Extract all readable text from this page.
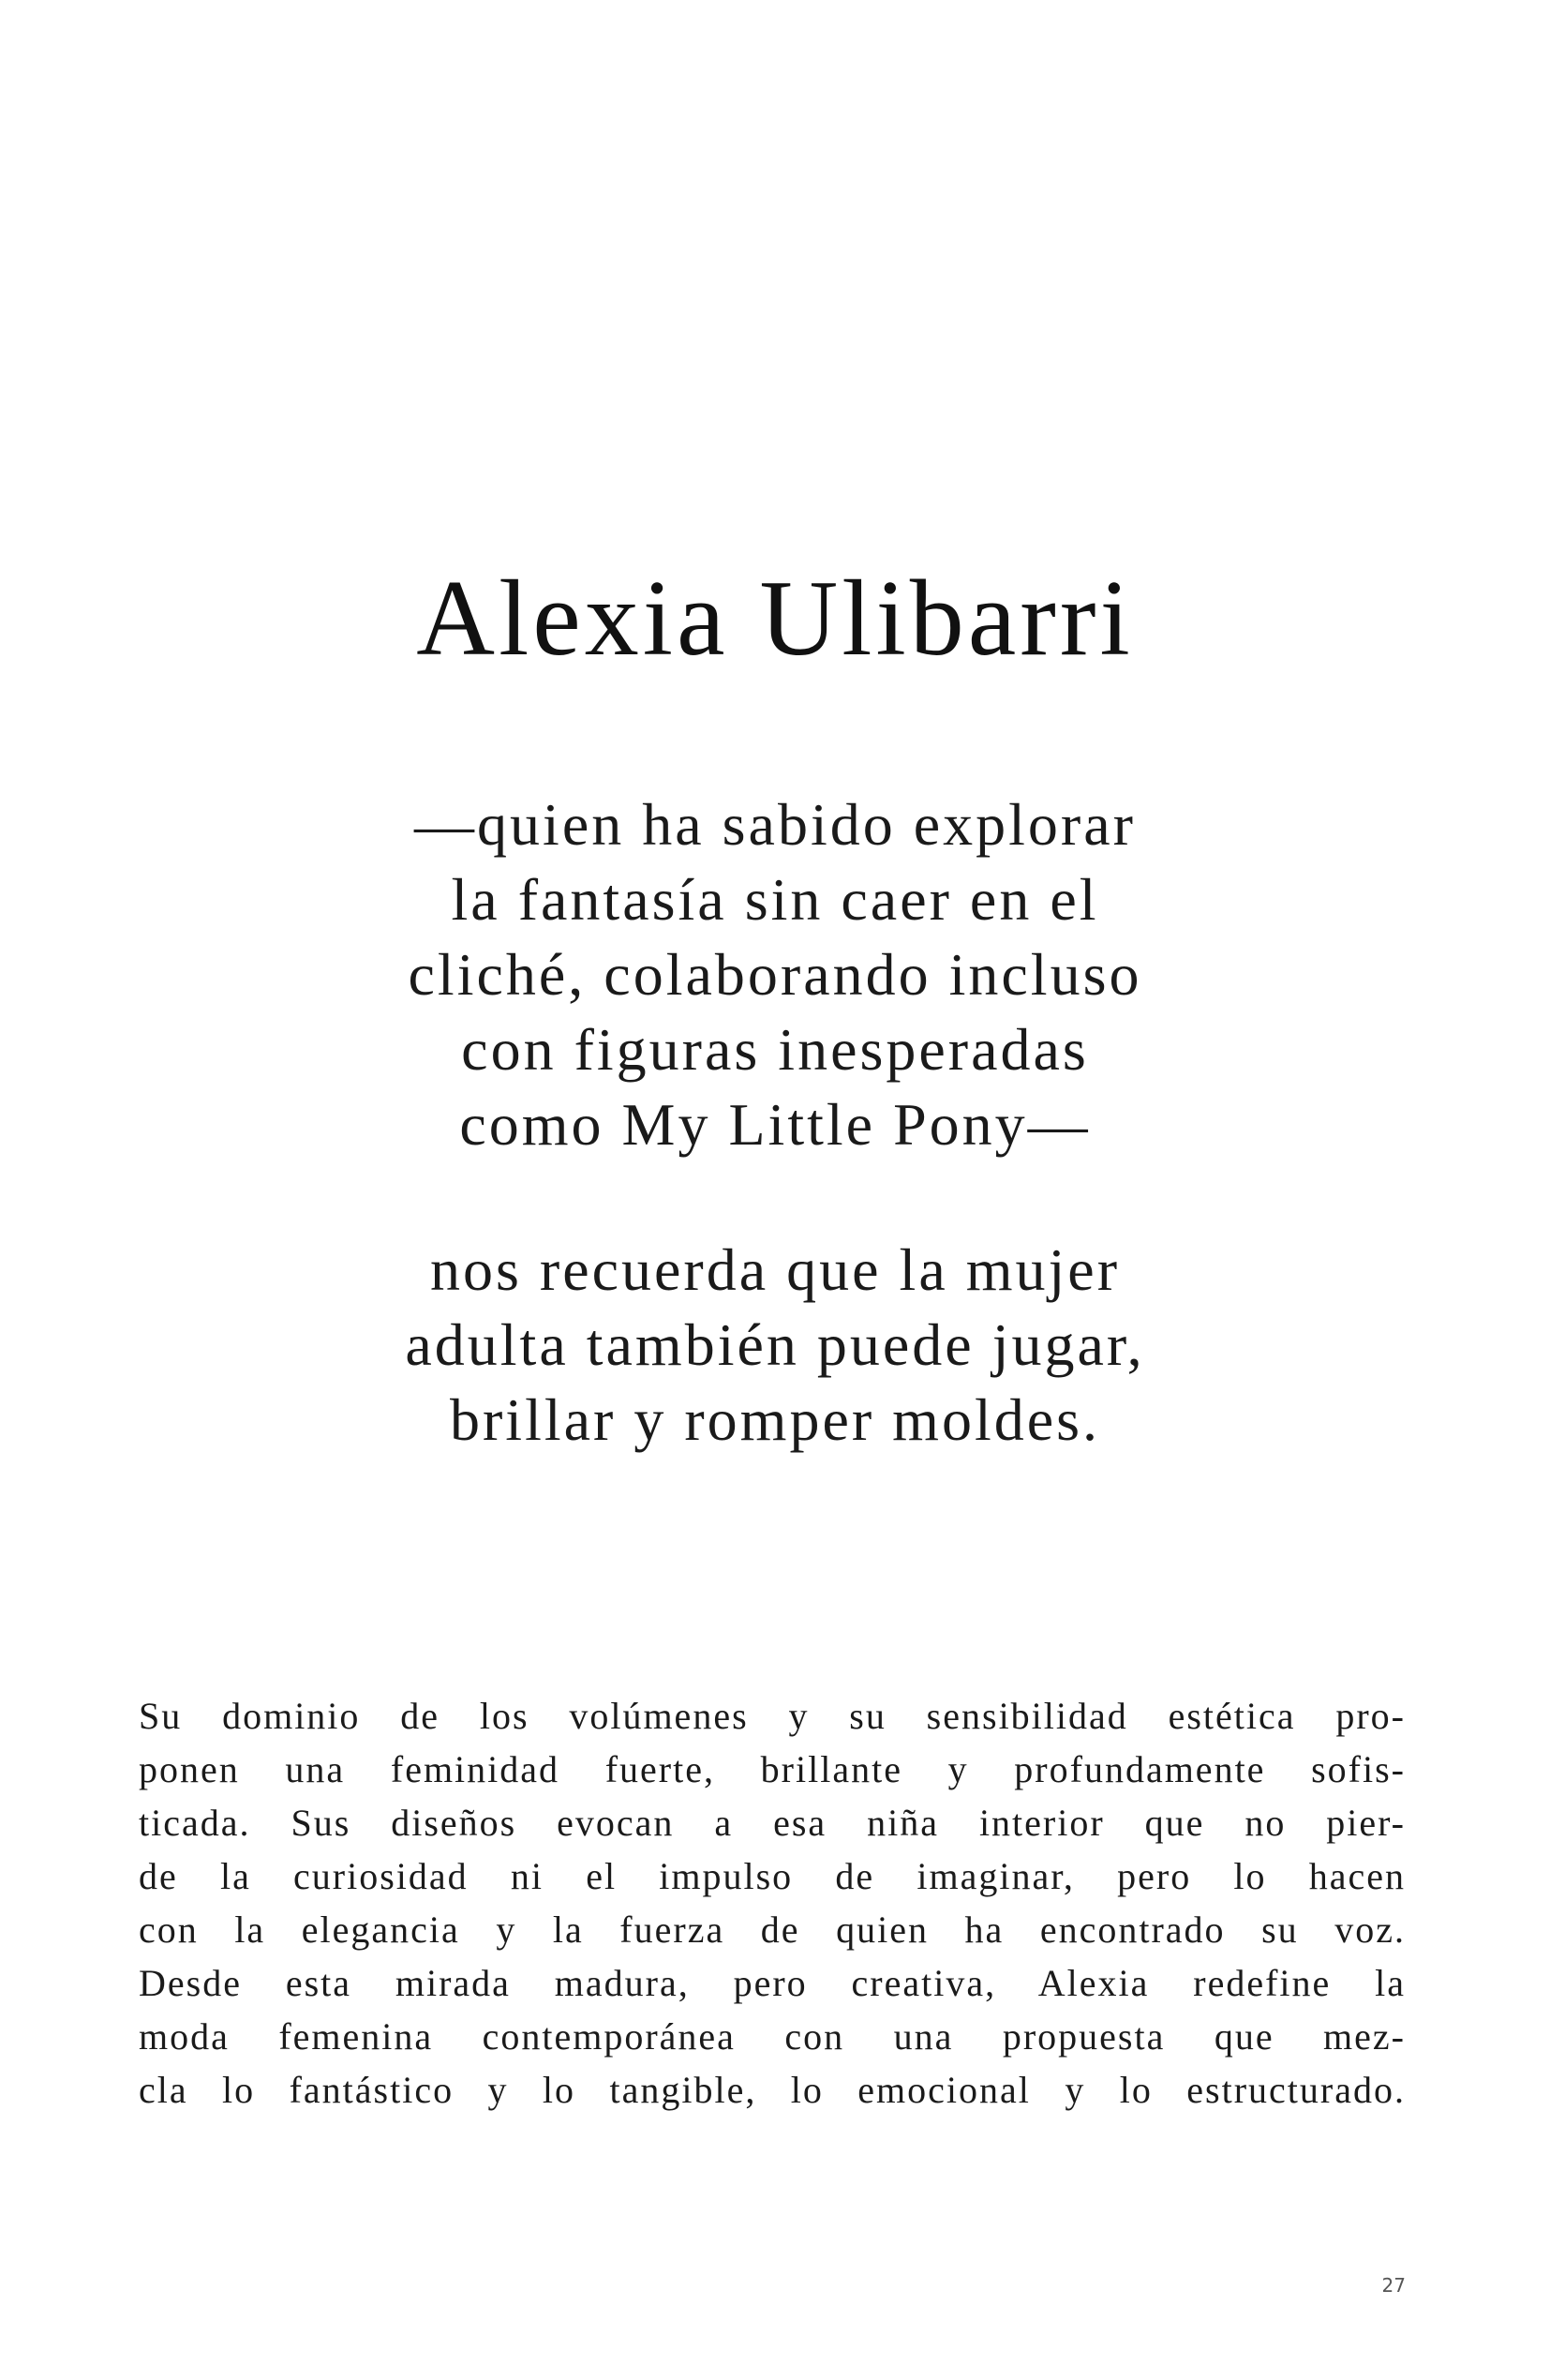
Alexia Ulibarri
—quien ha sabido explorar
la fantasía sin caer en el
cliché, colaborando incluso
con figuras inesperadas
como My Little Pony—
nos recuerda que la mujer
adulta también puede jugar,
brillar y romper moldes.
Su dominio de los volúmenes y su sensibilidad estética pro-
ponen una feminidad fuerte, brillante y profundamente sofis-
ticada. Sus diseños evocan a esa niña interior que no pier-
de la curiosidad ni el impulso de imaginar, pero lo hacen
con la elegancia y la fuerza de quien ha encontrado su voz.
Desde esta mirada madura, pero creativa, Alexia redefine la
moda femenina contemporánea con una propuesta que mez-
cla lo fantástico y lo tangible, lo emocional y lo estructurado.
27
